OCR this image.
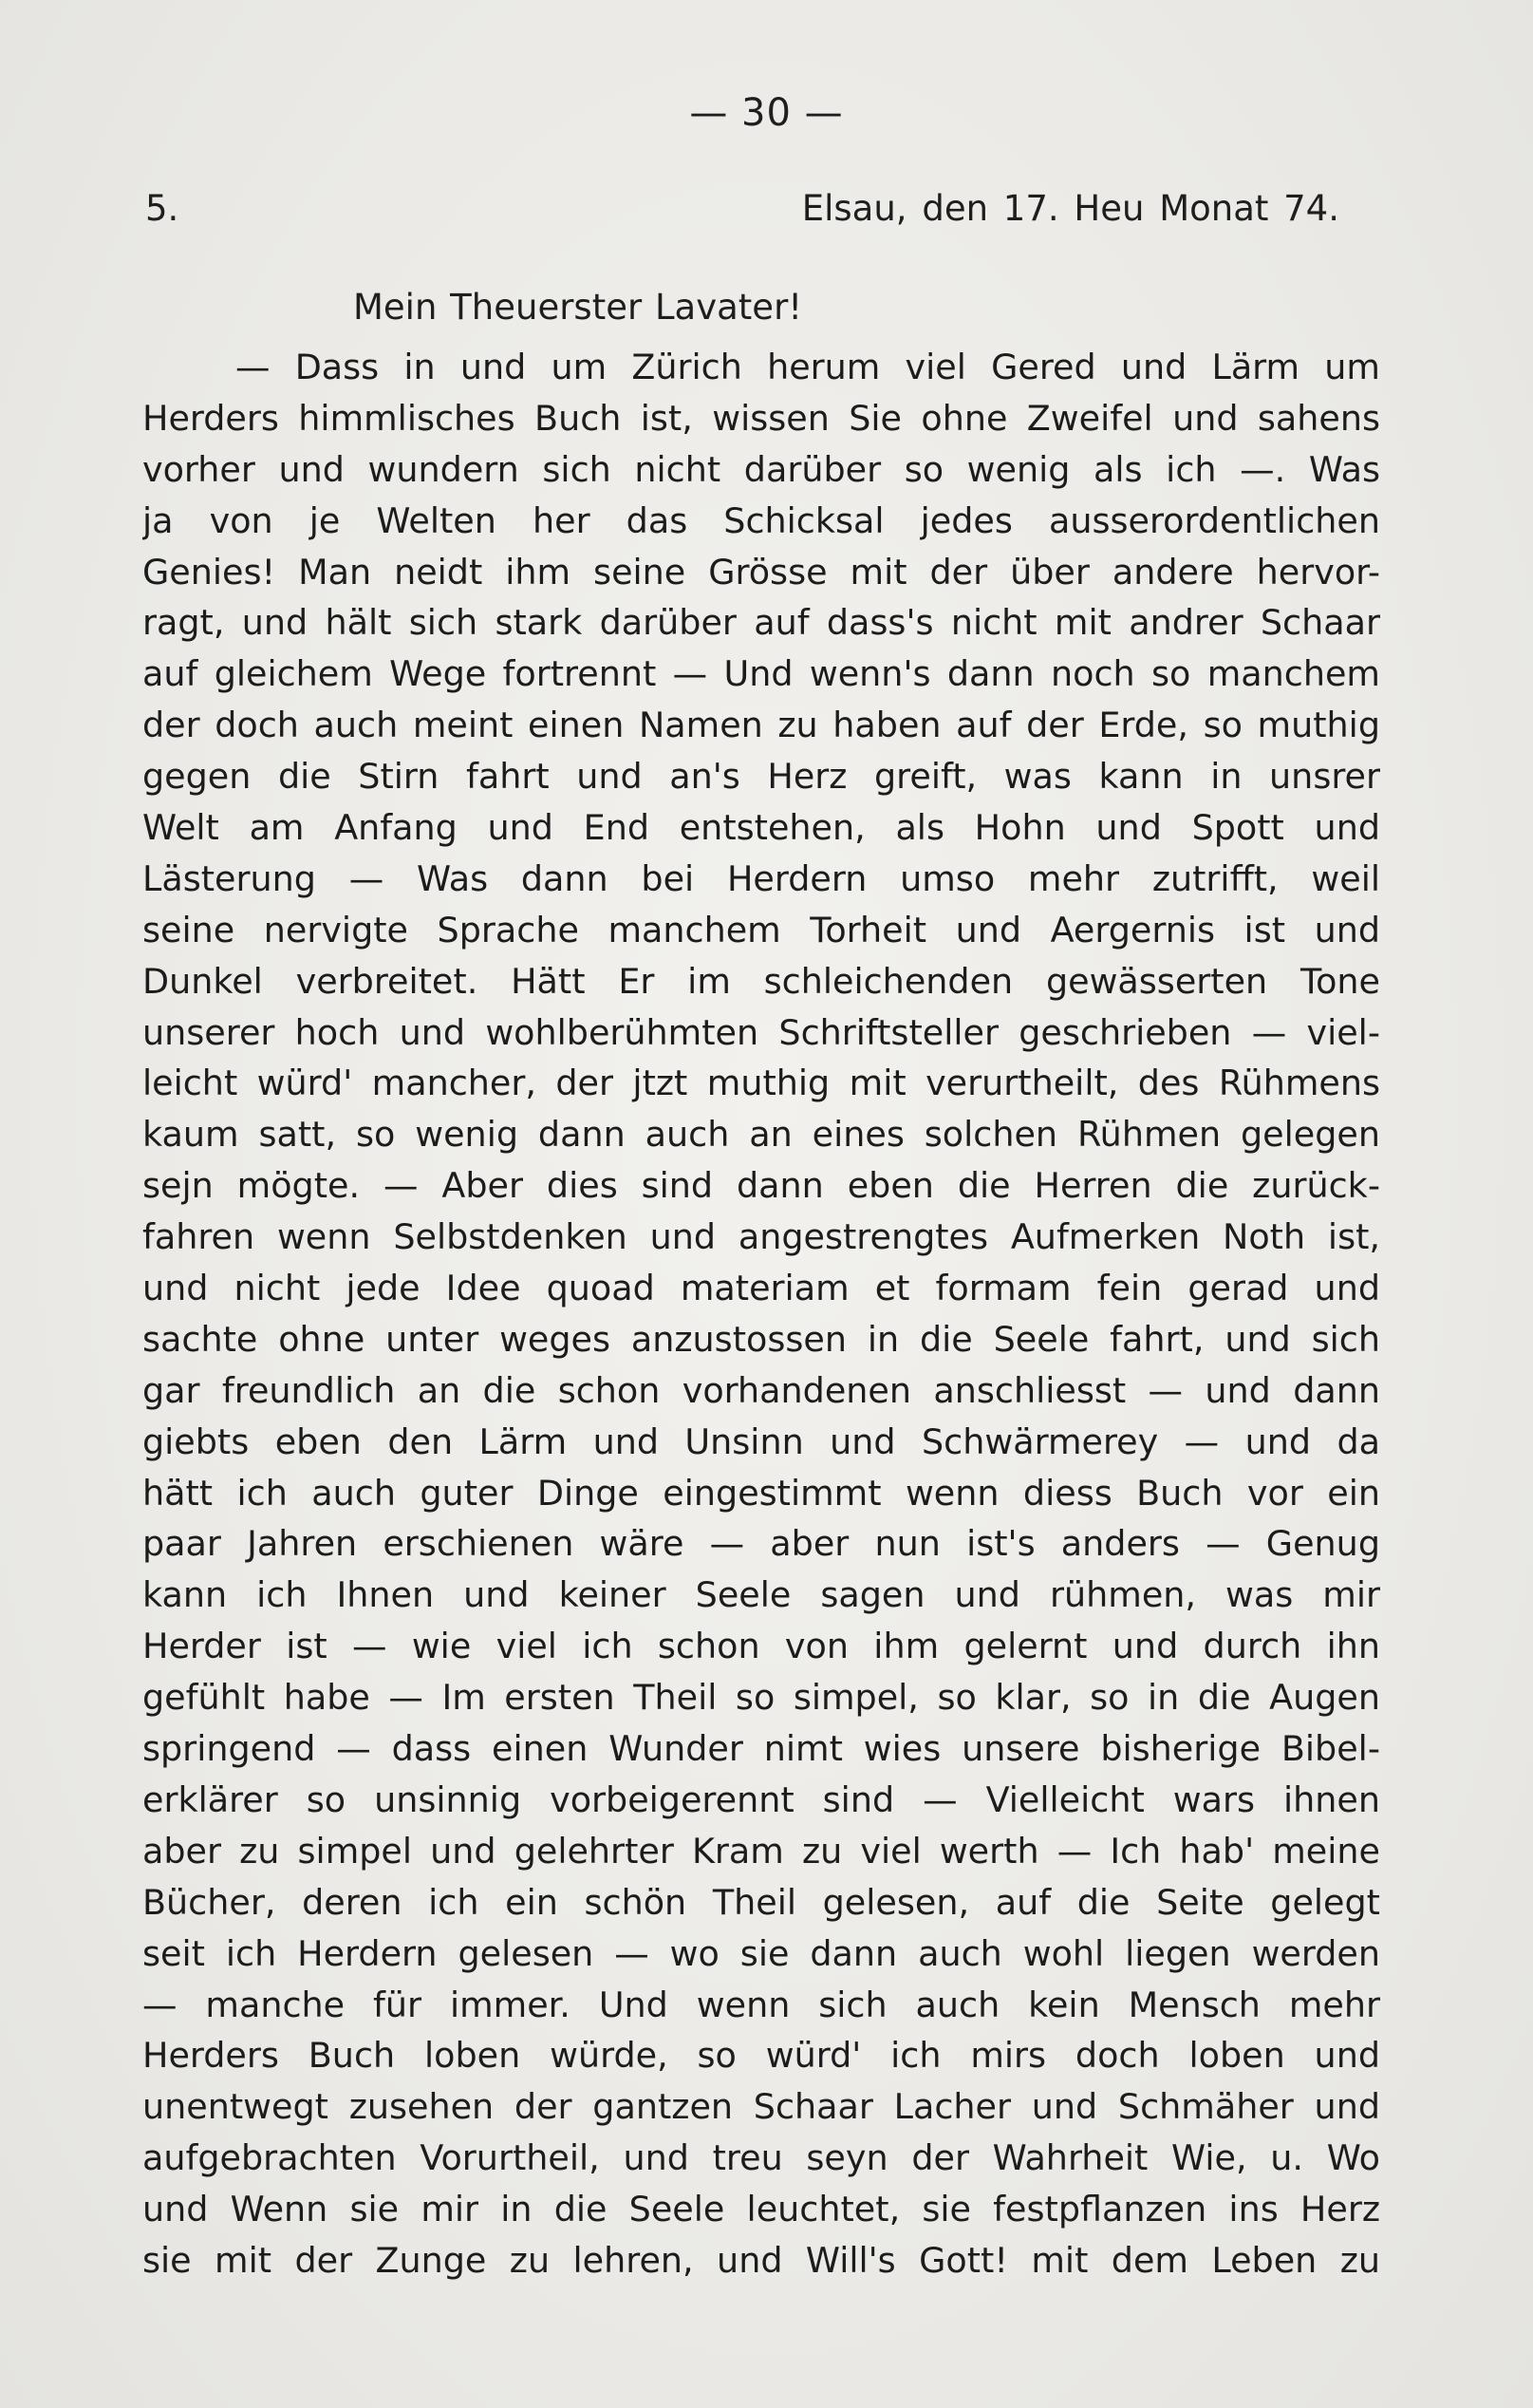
— 30 —
5.	Elsau, den 17. Heu Monat 74.
Mein Theuerster Lavater!
— Dass in und um Zürich herum viel Gered und Lärm um
Herders himmlisches Buch ist, wissen Sie ohne Zweifel und sahens
vorher und wundern sich nicht darüber so wenig als ich —. Was
ja von je Welten her das Schicksal jedes ausserordentlichen
Genies! Man neidt ihm seine Grösse mit der über andere hervor-
ragt, und hält sich stark darüber auf dass's nicht mit andrer Schaar
auf gleichem Wege fortrennt — Und wenn's dann noch so manchem
der doch auch meint einen Namen zu haben auf der Erde, so muthig
gegen die Stirn fahrt und an's Herz greift, was kann in unsrer
Welt am Anfang und End entstehen, als Hohn und Spott und
Lästerung — Was dann bei Herdern umso mehr zutrifft, weil
seine nervigte Sprache manchem Torheit und Aergernis ist und
Dunkel verbreitet. Hätt Er im schleichenden gewässerten Tone
unserer hoch und wohlberühmten Schriftsteller geschrieben — viel-
leicht würd' mancher, der jtzt muthig mit verurtheilt, des Rühmens
kaum satt, so wenig dann auch an eines solchen Rühmen gelegen
sejn mögte. — Aber dies sind dann eben die Herren die zurück-
fahren wenn Selbstdenken und angestrengtes Aufmerken Noth ist,
und nicht jede Idee quoad materiam et formam fein gerad und
sachte ohne unter weges anzustossen in die Seele fahrt, und sich
gar freundlich an die schon vorhandenen anschliesst — und dann
giebts eben den Lärm und Unsinn und Schwärmerey — und da
hätt ich auch guter Dinge eingestimmt wenn diess Buch vor ein
paar Jahren erschienen wäre — aber nun ist's anders — Genug
kann ich Ihnen und keiner Seele sagen und rühmen, was mir
Herder ist — wie viel ich schon von ihm gelernt und durch ihn
gefühlt habe — Im ersten Theil so simpel, so klar, so in die Augen
springend — dass einen Wunder nimt wies unsere bisherige Bibel-
erklärer so unsinnig vorbeigerennt sind — Vielleicht wars ihnen
aber zu simpel und gelehrter Kram zu viel werth — Ich hab' meine
Bücher, deren ich ein schön Theil gelesen, auf die Seite gelegt
seit ich Herdern gelesen — wo sie dann auch wohl liegen werden
— manche für immer. Und wenn sich auch kein Mensch mehr
Herders Buch loben würde, so würd' ich mirs doch loben und
unentwegt zusehen der gantzen Schaar Lacher und Schmäher und
aufgebrachten Vorurtheil, und treu seyn der Wahrheit Wie, u. Wo
und Wenn sie mir in die Seele leuchtet, sie festpflanzen ins Herz
sie mit der Zunge zu lehren, und Will's Gott! mit dem Leben zu
